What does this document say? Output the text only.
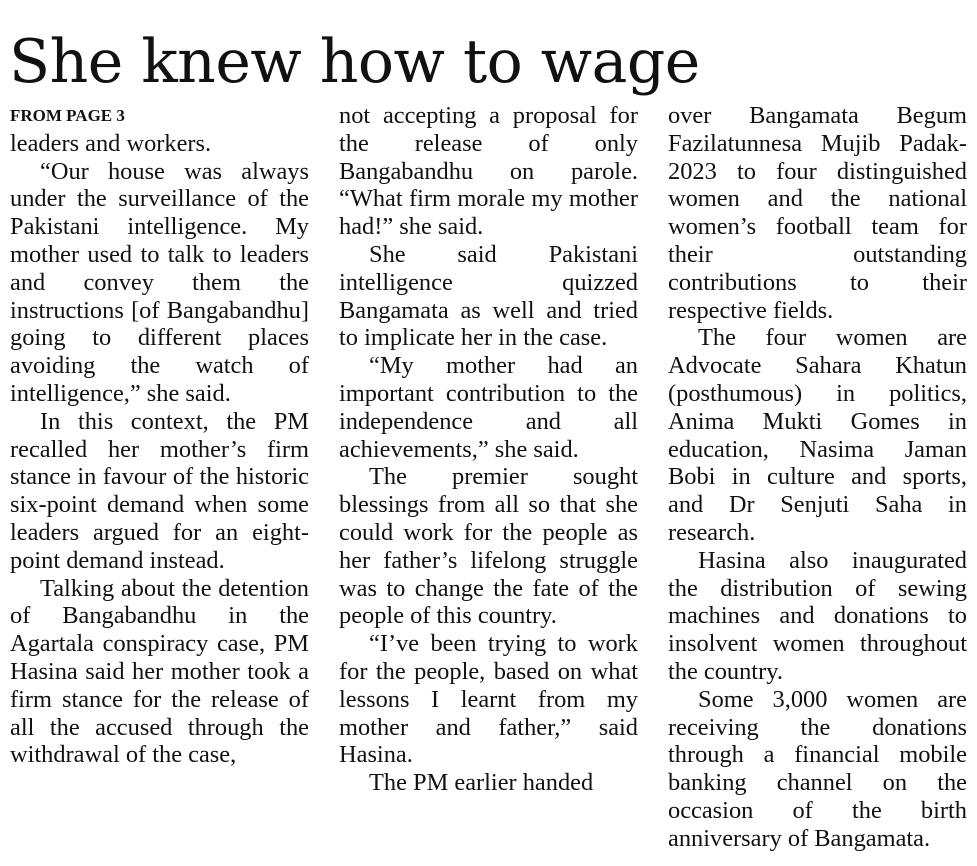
She knew how to wage
FROM PAGE 3

leaders and workers.

“Our house was always under the surveillance of the Pakistani intelligence. My mother used to talk to leaders and convey them the instructions [of Bangabandhu] going to different places avoiding the watch of intelligence,” she said.

In this context, the PM recalled her mother’s firm stance in favour of the historic six-point demand when some leaders argued for an eight-point demand instead.

Talking about the detention of Bangabandhu in the Agartala conspiracy case, PM Hasina said her mother took a firm stance for the release of all the accused through the withdrawal of the case,

not accepting a proposal for the release of only Bangabandhu on parole. “What firm morale my mother had!” she said.

She said Pakistani intelligence quizzed Bangamata as well and tried to implicate her in the case.

“My mother had an important contribution to the independence and all achievements,” she said.

The premier sought blessings from all so that she could work for the people as her father’s lifelong struggle was to change the fate of the people of this country.

“I’ve been trying to work for the people, based on what lessons I learnt from my mother and father,” said Hasina.

The PM earlier handed

over Bangamata Begum Fazilatunnesa Mujib Padak-2023 to four distinguished women and the national women’s football team for their outstanding contributions to their respective fields.

The four women are Advocate Sahara Khatun (posthumous) in politics, Anima Mukti Gomes in education, Nasima Jaman Bobi in culture and sports, and Dr Senjuti Saha in research.

Hasina also inaugurated the distribution of sewing machines and donations to insolvent women throughout the country.

Some 3,000 women are receiving the donations through a financial mobile banking channel on the occasion of the birth anniversary of Bangamata.
